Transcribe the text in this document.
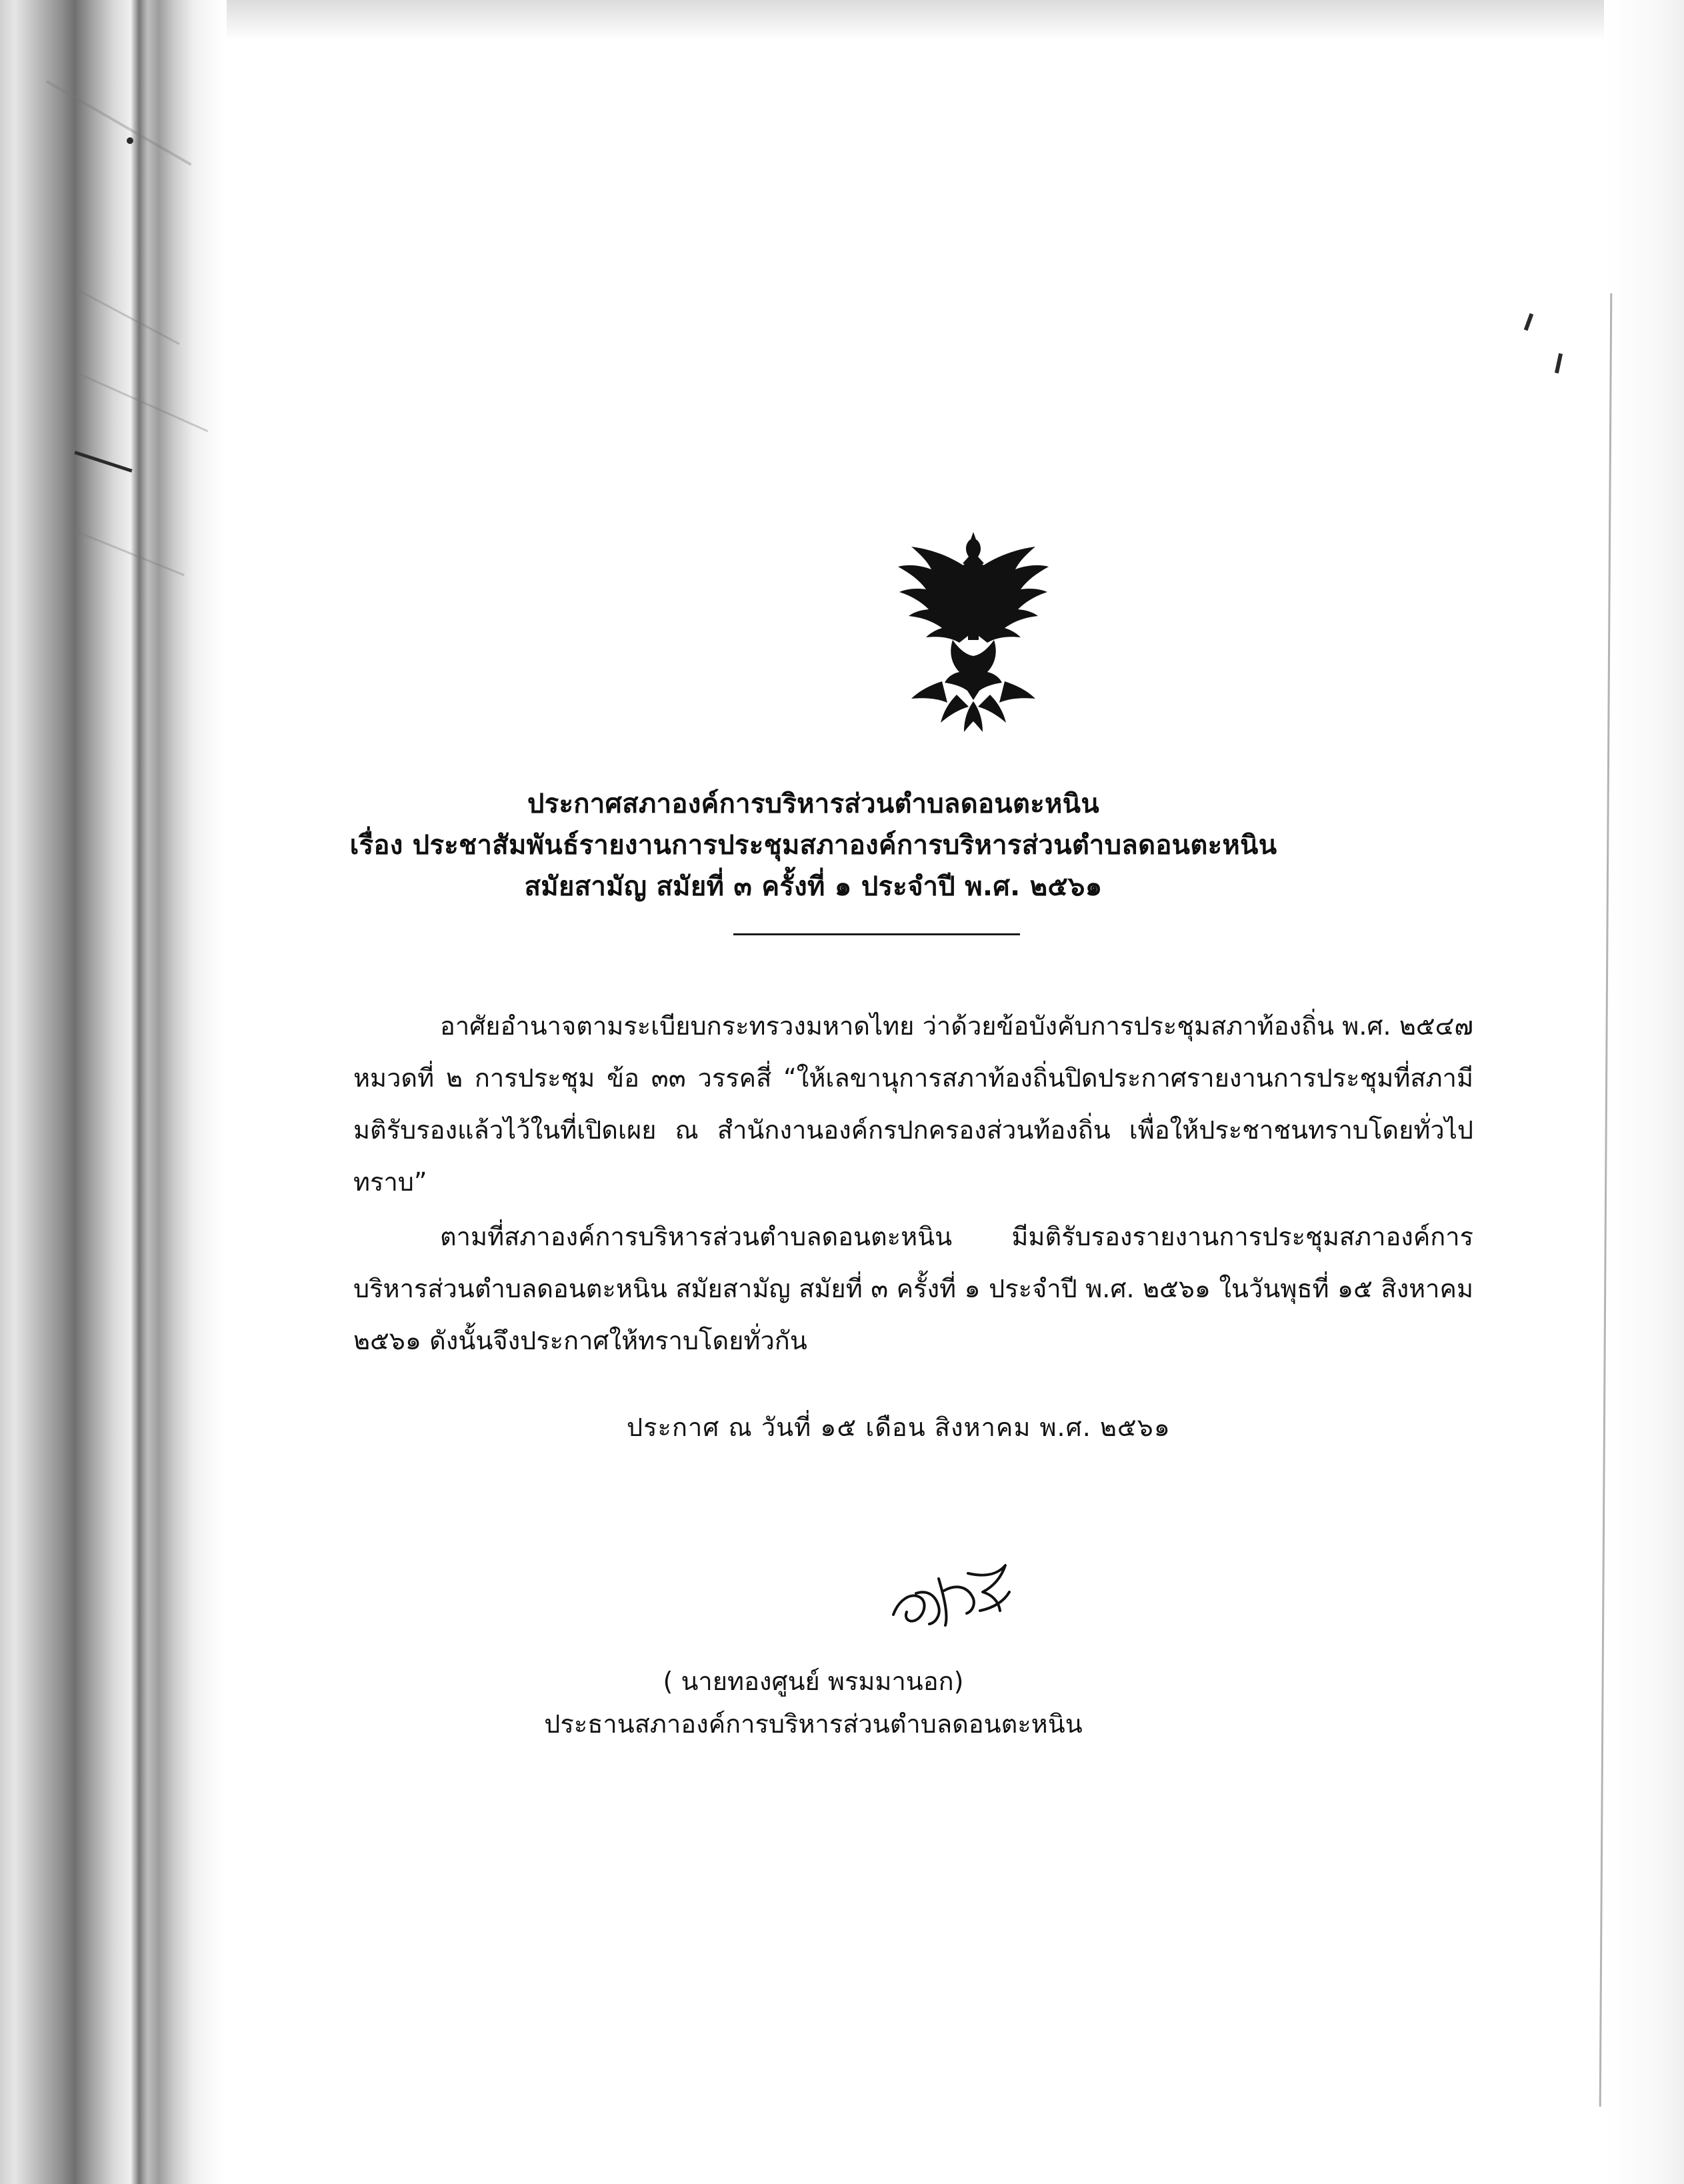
ประกาศสภาองค์การบริหารส่วนตำบลดอนตะหนิน
เรื่อง ประชาสัมพันธ์รายงานการประชุมสภาองค์การบริหารส่วนตำบลดอนตะหนิน
สมัยสามัญ สมัยที่ ๓ ครั้งที่ ๑ ประจำปี พ.ศ. ๒๕๖๑
อาศัยอำนาจตามระเบียบกระทรวงมหาดไทย ว่าด้วยข้อบังคับการประชุมสภาท้องถิ่น พ.ศ. ๒๕๔๗ หมวดที่ ๒ การประชุม ข้อ ๓๓ วรรคสี่ “ให้เลขานุการสภาท้องถิ่นปิดประกาศรายงานการประชุมที่สภามีมติรับรองแล้วไว้ในที่เปิดเผย ณ สำนักงานองค์กรปกครองส่วนท้องถิ่น เพื่อให้ประชาชนทราบโดยทั่วไปทราบ”
ตามที่สภาองค์การบริหารส่วนตำบลดอนตะหนิน มีมติรับรองรายงานการประชุมสภาองค์การบริหารส่วนตำบลดอนตะหนิน สมัยสามัญ สมัยที่ ๓ ครั้งที่ ๑ ประจำปี พ.ศ. ๒๕๖๑ ในวันพุธที่ ๑๕ สิงหาคม ๒๕๖๑ ดังนั้นจึงประกาศให้ทราบโดยทั่วกัน
ประกาศ ณ วันที่ ๑๕ เดือน สิงหาคม พ.ศ. ๒๕๖๑
( นายทองศูนย์ พรมมานอก)
ประธานสภาองค์การบริหารส่วนตำบลดอนตะหนิน
